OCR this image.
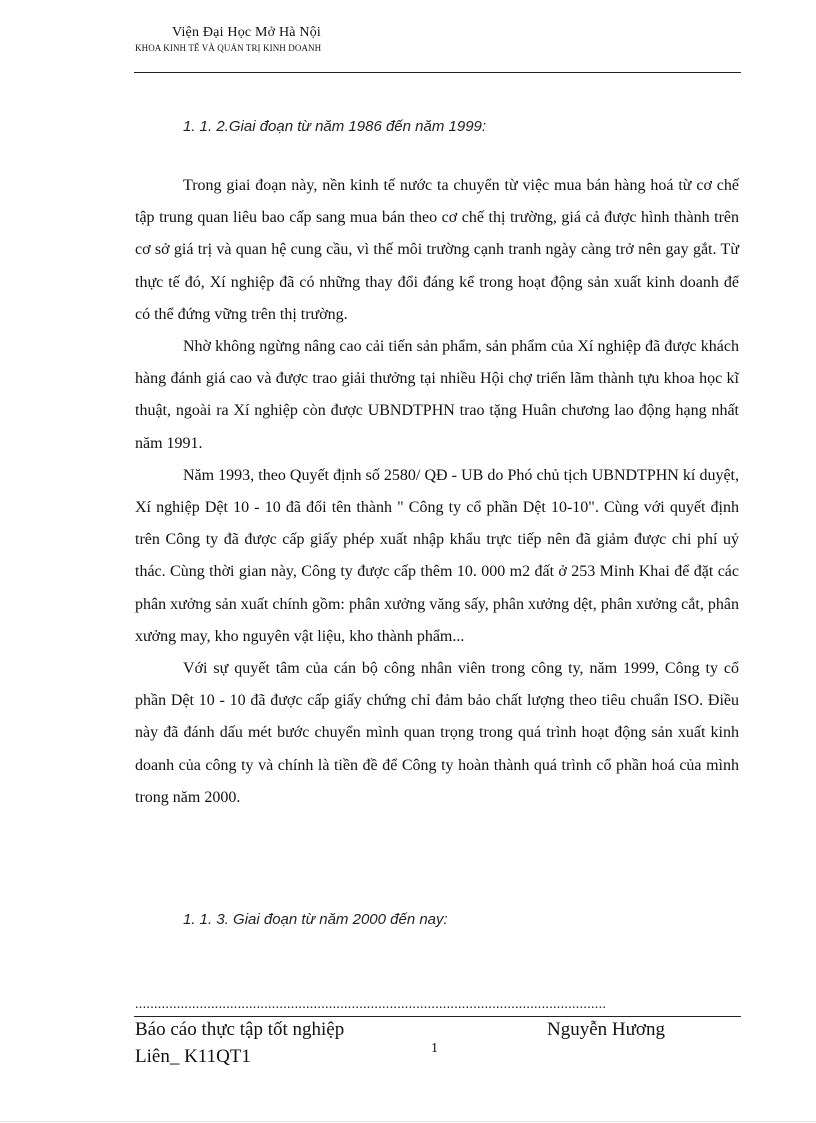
Viện Đại Học Mở Hà Nội
KHOA KINH TẾ VÀ QUẢN TRỊ KINH DOANH
1. 1. 2.Giai đoạn từ năm 1986 đến năm 1999:

Trong giai đoạn này, nền kinh tế nước ta chuyển từ việc mua bán hàng hoá từ cơ chế tập trung quan liêu bao cấp sang mua bán theo cơ chế thị trường, giá cả được hình thành trên cơ sở giá trị và quan hệ cung cầu, vì thế môi trường cạnh tranh ngày càng trở nên gay gắt. Từ thực tế đó, Xí nghiệp đã có những thay đổi đáng kể trong hoạt động sản xuất kinh doanh để có thể đứng vững trên thị trường.

Nhờ không ngừng nâng cao cải tiến sản phẩm, sản phẩm của Xí nghiệp đã được khách hàng đánh giá cao và được trao giải thưởng tại nhiều Hội chợ triển lãm thành tựu khoa học kĩ thuật, ngoài ra Xí nghiệp còn được UBNDTPHN trao tặng Huân chương lao động hạng nhất năm 1991.

Năm 1993, theo Quyết định số 2580/ QĐ - UB do Phó chủ tịch UBNDTPHN kí duyệt, Xí nghiệp Dệt 10 - 10 đã đổi tên thành " Công ty cổ phần Dệt 10-10". Cùng với quyết định trên Công ty đã được cấp giấy phép xuất nhập khẩu trực tiếp nên đã giảm được chi phí uỷ thác. Cùng thời gian này, Công ty được cấp thêm 10. 000 m2 đất ở 253 Minh Khai để đặt các phân xưởng sản xuất chính gồm: phân xưởng văng sấy, phân xưởng dệt, phân xưởng cắt, phân xưởng may, kho nguyên vật liệu, kho thành phẩm...

Với sự quyết tâm của cán bộ công nhân viên trong công ty, năm 1999, Công ty cổ phần Dệt 10 - 10 đã được cấp giấy chứng chỉ đảm bảo chất lượng theo tiêu chuẩn ISO. Điều này đã đánh dấu mét bước chuyển mình quan trọng trong quá trình hoạt động sản xuất kinh doanh của công ty và chính là tiền đề để Công ty hoàn thành quá trình cổ phần hoá của mình trong năm 2000.

1. 1. 3. Giai đoạn từ năm 2000 đến nay:
............................................................................................................................
Báo cáo thực tập tốt nghiệp	Nguyễn Hương
Liên_ K11QT1	1
